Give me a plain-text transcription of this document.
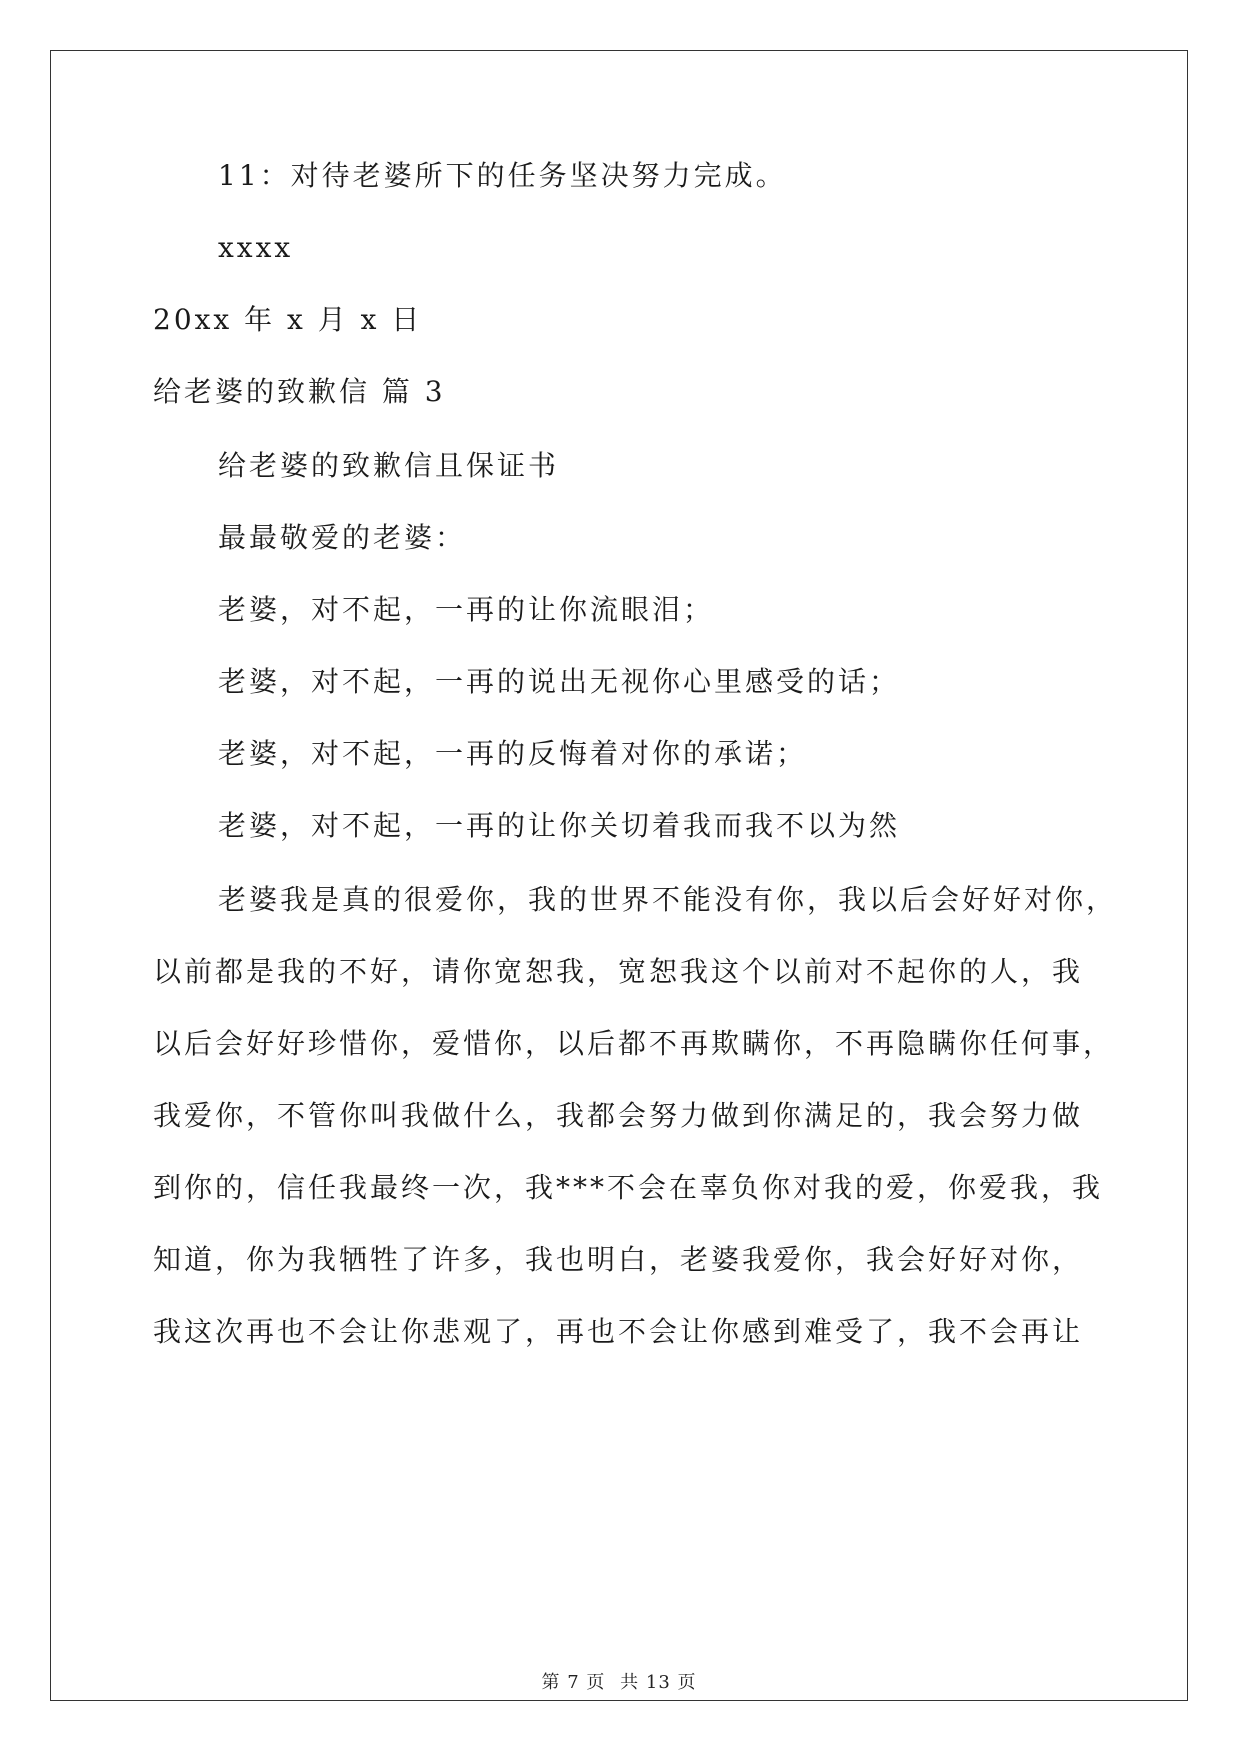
11：对待老婆所下的任务坚决努力完成。
xxxx
20xx 年 x 月 x 日
给老婆的致歉信 篇 3
给老婆的致歉信且保证书
最最敬爱的老婆：
老婆，对不起，一再的让你流眼泪；
老婆，对不起，一再的说出无视你心里感受的话；
老婆，对不起，一再的反悔着对你的承诺；
老婆，对不起，一再的让你关切着我而我不以为然
老婆我是真的很爱你，我的世界不能没有你，我以后会好好对你，
以前都是我的不好，请你宽恕我，宽恕我这个以前对不起你的人，我
以后会好好珍惜你，爱惜你，以后都不再欺瞒你，不再隐瞒你任何事，
我爱你，不管你叫我做什么，我都会努力做到你满足的，我会努力做
到你的，信任我最终一次，我***不会在辜负你对我的爱，你爱我，我
知道，你为我牺牲了许多，我也明白，老婆我爱你，我会好好对你，
我这次再也不会让你悲观了，再也不会让你感到难受了，我不会再让
第 7 页 共 13 页
